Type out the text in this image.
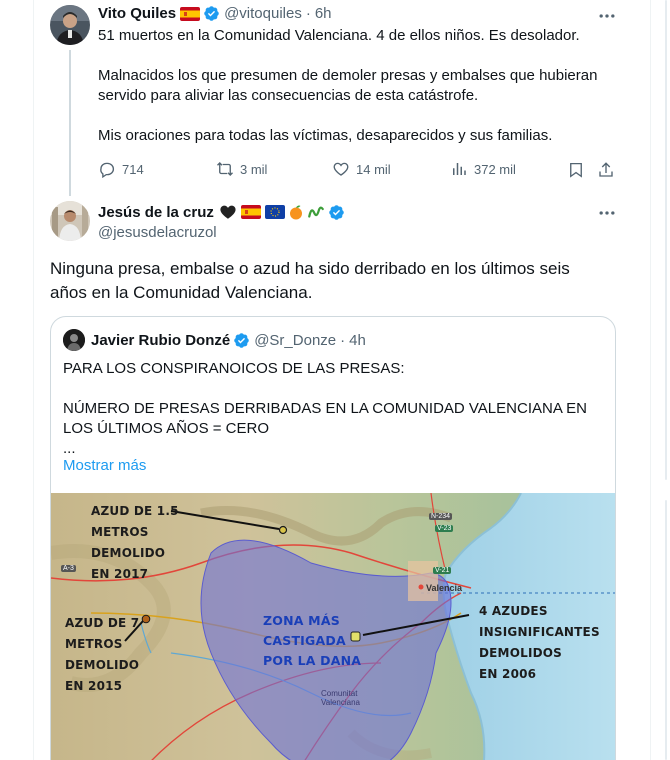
Vito Quiles	@vitoquiles · 6h

51 muertos en la Comunidad Valenciana. 4 de ellos niños. Es desolador.

Malnacidos los que presumen de demoler presas y embalses que hubieran servido para aliviar las consecuencias de esta catástrofe.

Mis oraciones para todas las víctimas, desaparecidos y sus familias.

714	3 mil	14 mil	372 mil
Jesús de la cruz
@jesusdelacruzol
Ninguna presa, embalse o azud ha sido derribado en los últimos seis años en la Comunidad Valenciana.
Javier Rubio Donzé @Sr_Donze · 4h
PARA LOS CONSPIRANOICOS DE LAS PRESAS:
NÚMERO DE PRESAS DERRIBADAS EN LA COMUNIDAD VALENCIANA EN LOS ÚLTIMOS AÑOS = CERO
...
Mostrar más
AZUD DE 1.5
METROS
DEMOLIDO
EN 2017
AZUD DE 7
METROS
DEMOLIDO
EN 2015
ZONA MÁS
CASTIGADA
POR LA DANA
4 AZUDES
INSIGNIFICANTES
DEMOLIDOS
EN 2006
Valencia
A-3
N-234
V-23
V-21
Comunitat Valenciana
